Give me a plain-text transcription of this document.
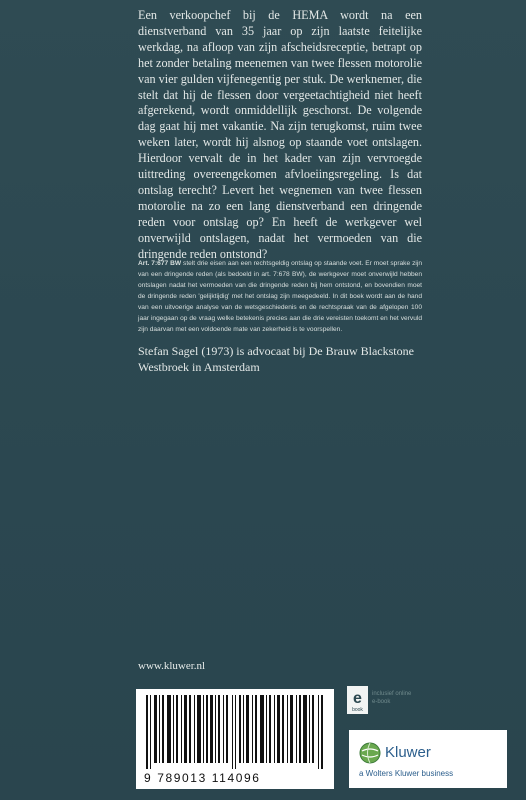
Een verkoopchef bij de HEMA wordt na een dienstverband van 35 jaar op zijn laatste feitelijke werkdag, na afloop van zijn afscheidsreceptie, betrapt op het zonder betaling meenemen van twee flessen motorolie van vier gulden vijfenegentig per stuk. De werknemer, die stelt dat hij de flessen door vergeetachtigheid niet heeft afgerekend, wordt onmiddellijk geschorst. De volgende dag gaat hij met vakantie. Na zijn terugkomst, ruim twee weken later, wordt hij alsnog op staande voet ontslagen. Hierdoor vervalt de in het kader van zijn vervroegde uittreding overeengekomen afvloeiingsregeling. Is dat ontslag terecht? Levert het wegnemen van twee flessen motorolie na zo een lang dienstverband een dringende reden voor ontslag op? En heeft de werkgever wel onverwijld ontslagen, nadat het vermoeden van die dringende reden ontstond?

Art. 7:677 BW stelt drie eisen aan een rechtsgeldig ontslag op staande voet. Er moet sprake zijn van een dringende reden (als bedoeld in art. 7:678 BW), de werkgever moet onverwijld hebben ontslagen nadat het vermoeden van die dringende reden bij hem ontstond, en bovendien moet de dringende reden 'gelijktijdig' met het ontslag zijn meegedeeld. In dit boek wordt aan de hand van een uitvoerige analyse van de wetsgeschiedenis en de rechtspraak van de afgelopen 100 jaar ingegaan op de vraag welke betekenis precies aan die drie vereisten toekomt en het vervuld zijn daarvan met een voldoende mate van zekerheid is te voorspellen.

Stefan Sagel (1973) is advocaat bij De Brauw Blackstone
Westbroek in Amsterdam
www.kluwer.nl
9 789013 114096
e
book
inclusief online
e-book
Kluwer
a Wolters Kluwer business
